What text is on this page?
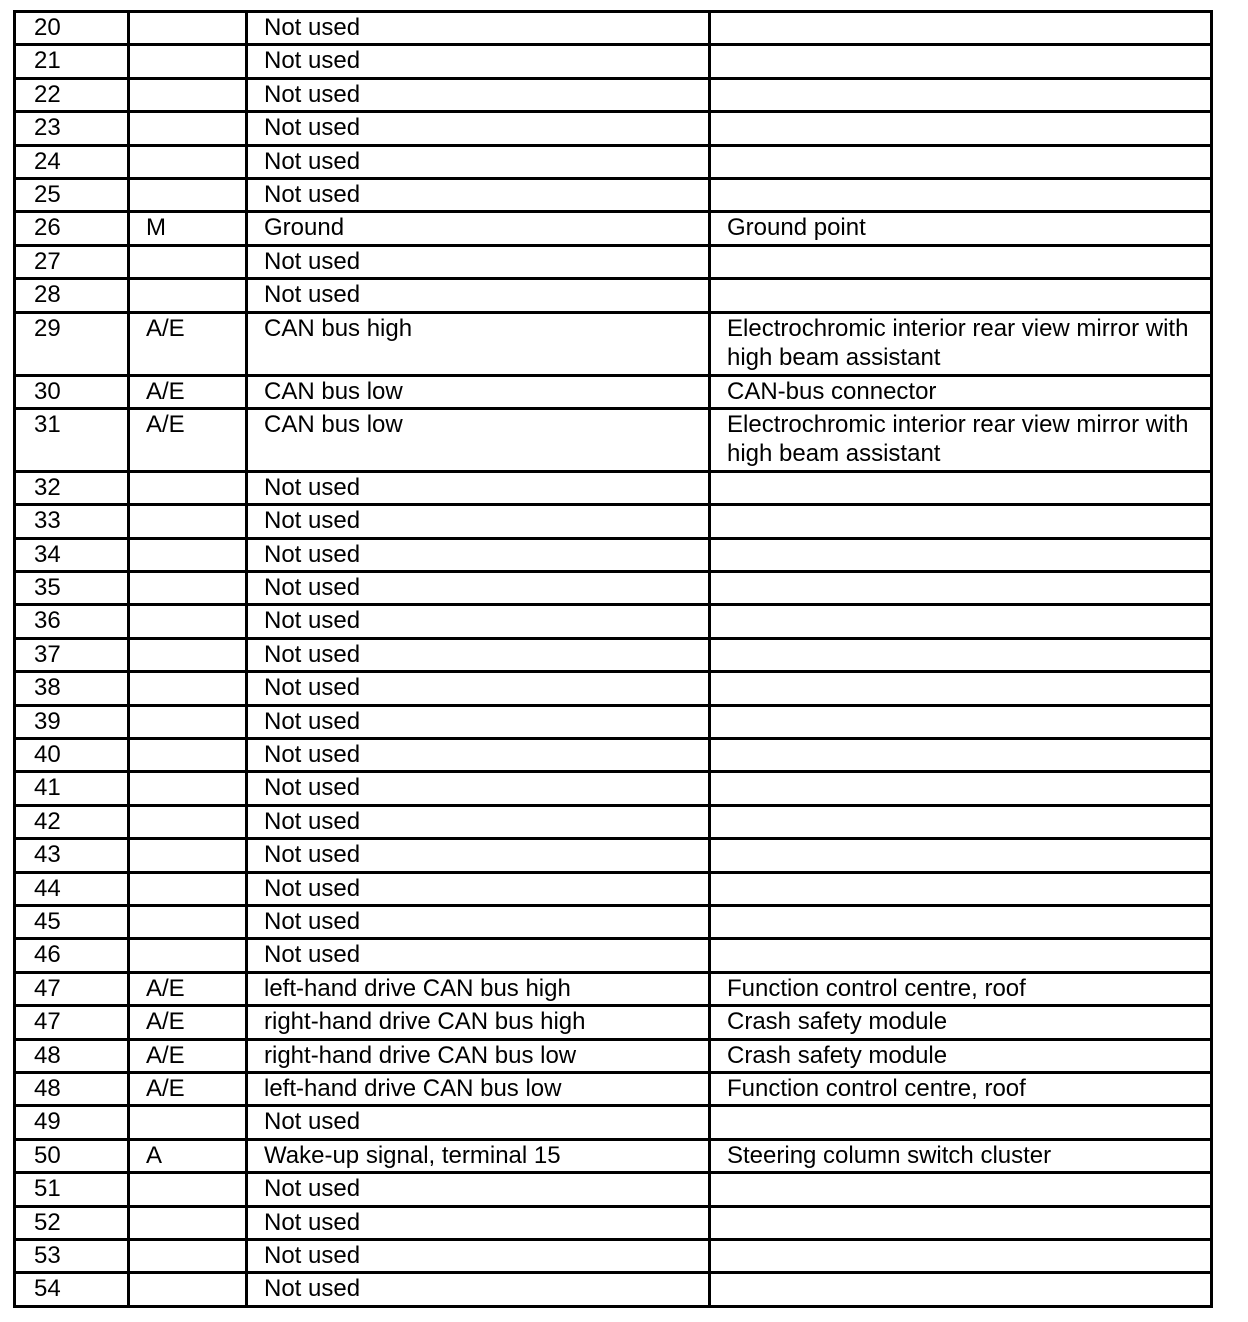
20		Not used	
21		Not used	
22		Not used	
23		Not used	
24		Not used	
25		Not used	
26	M	Ground	Ground point
27		Not used	
28		Not used	
29	A/E	CAN bus high	Electrochromic interior rear view mirror with high beam assistant
30	A/E	CAN bus low	CAN-bus connector
31	A/E	CAN bus low	Electrochromic interior rear view mirror with high beam assistant
32		Not used	
33		Not used	
34		Not used	
35		Not used	
36		Not used	
37		Not used	
38		Not used	
39		Not used	
40		Not used	
41		Not used	
42		Not used	
43		Not used	
44		Not used	
45		Not used	
46		Not used	
47	A/E	left-hand drive CAN bus high	Function control centre, roof
47	A/E	right-hand drive CAN bus high	Crash safety module
48	A/E	right-hand drive CAN bus low	Crash safety module
48	A/E	left-hand drive CAN bus low	Function control centre, roof
49		Not used	
50	A	Wake-up signal, terminal 15	Steering column switch cluster
51		Not used	
52		Not used	
53		Not used	
54		Not used	
